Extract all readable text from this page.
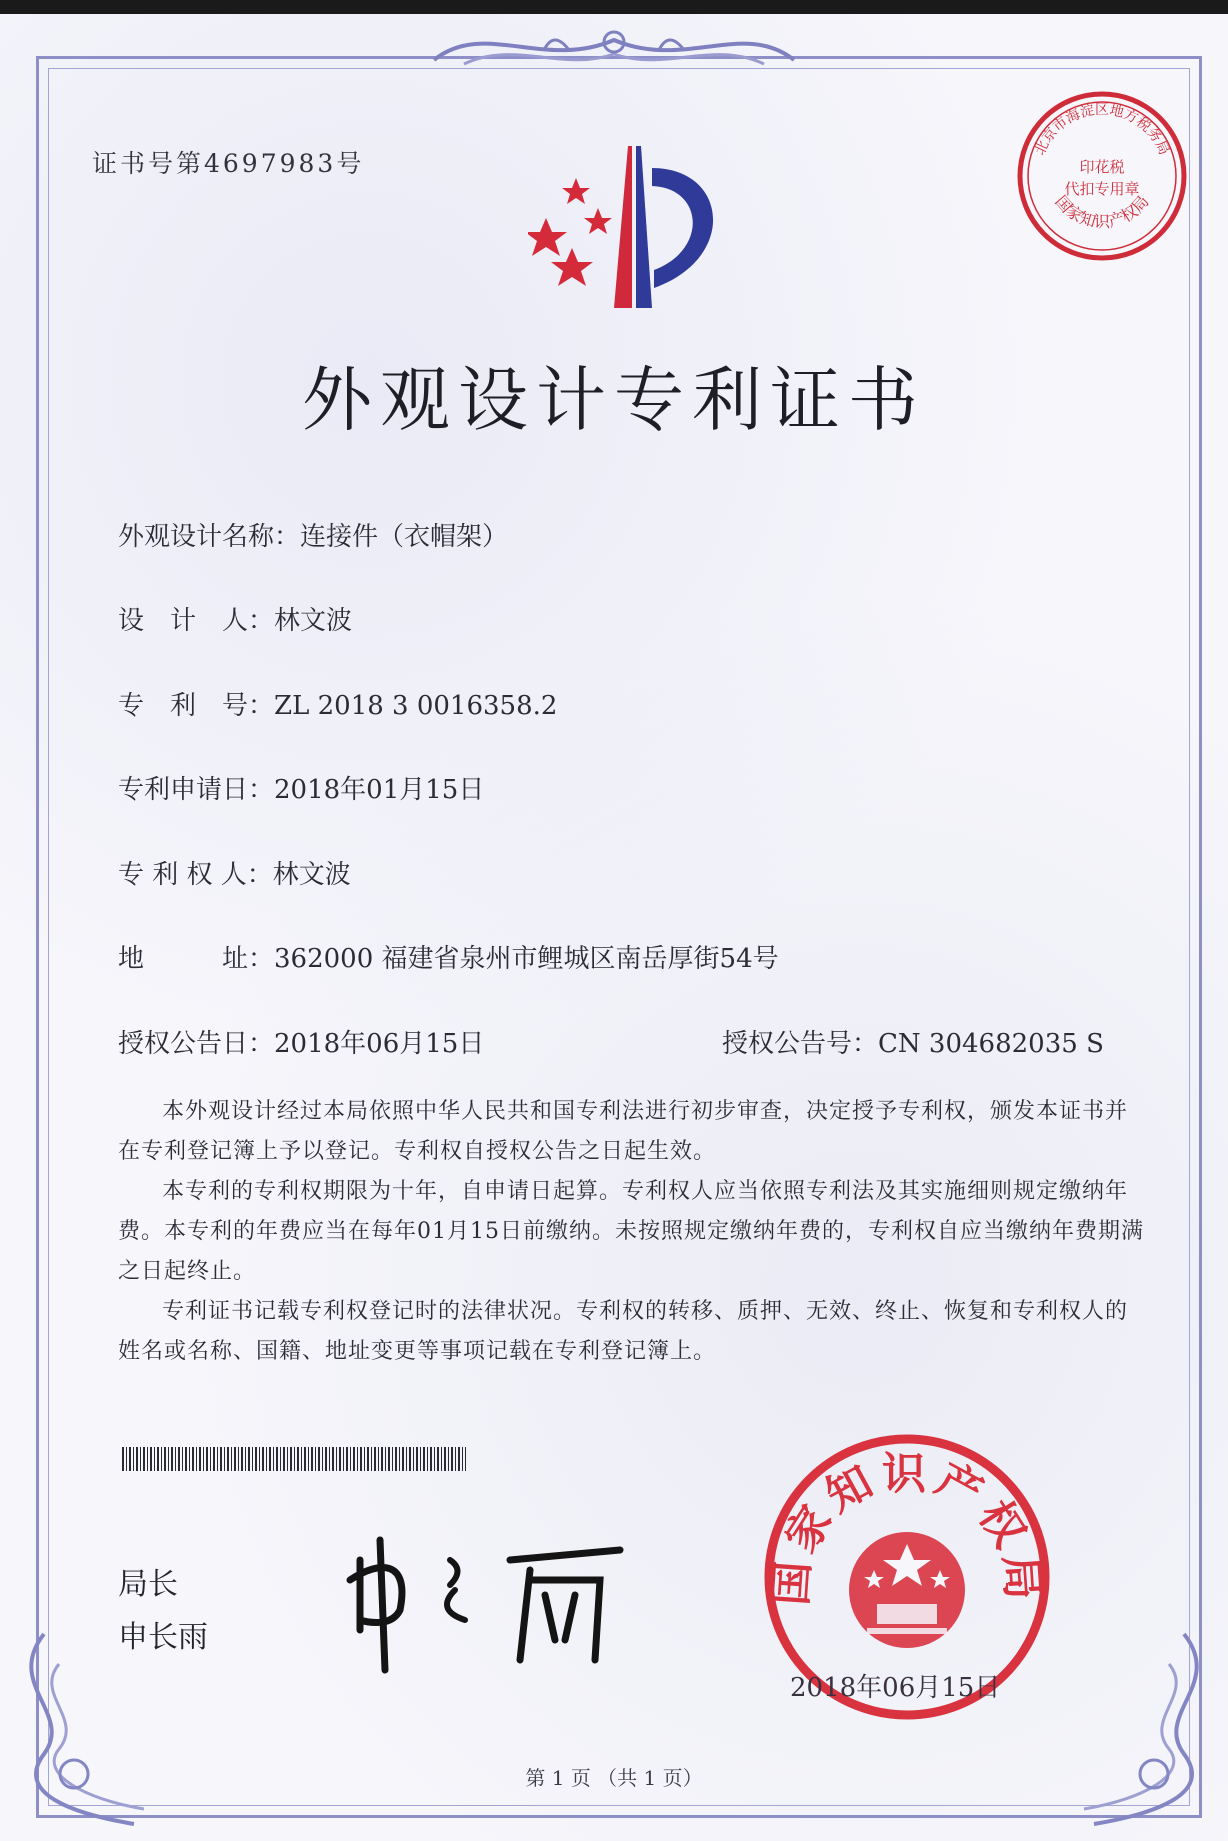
证书号第4697983号
外观设计专利证书
外观设计名称：连接件（衣帽架）
设　计　人：林文波
专　利　号：ZL 2018 3 0016358.2
专利申请日：2018年01月15日
专 利 权 人：林文波
地　　　址：362000 福建省泉州市鲤城区南岳厚街54号
授权公告日：2018年06月15日	授权公告号：CN 304682035 S

本外观设计经过本局依照中华人民共和国专利法进行初步审查，决定授予专利权，颁发本证书并在专利登记簿上予以登记。专利权自授权公告之日起生效。

本专利的专利权期限为十年，自申请日起算。专利权人应当依照专利法及其实施细则规定缴纳年费。本专利的年费应当在每年01月15日前缴纳。未按照规定缴纳年费的，专利权自应当缴纳年费期满之日起终止。

专利证书记载专利权登记时的法律状况。专利权的转移、质押、无效、终止、恢复和专利权人的姓名或名称、国籍、地址变更等事项记载在专利登记簿上。

局长
申长雨
北京市海淀区地方税务局
印花税
代扣专用章
国家知识产权局
国家知识产权局
2018年06月15日
第 1 页 （共 1 页）
